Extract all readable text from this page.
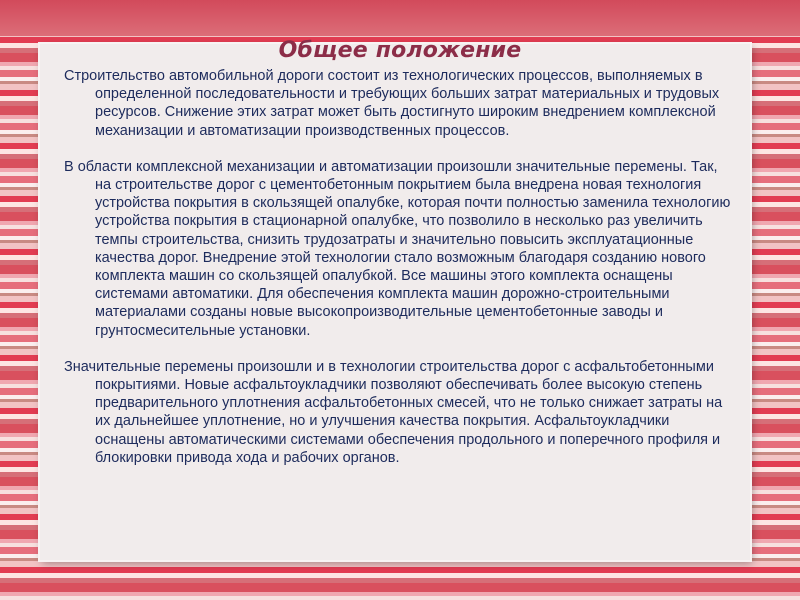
Общее положение

Строительство автомобильной дороги состоит из технологических процессов, выполняемых в определенной последовательности и требующих больших затрат материальных и трудовых ресурсов. Снижение этих затрат может быть достигнуто широким внедрением комплексной механизации и автоматизации производственных процессов.

В области комплексной механизации и автоматизации произошли значительные перемены. Так, на строительстве дорог с цементобетонным покрытием была внедрена новая технология устройства покрытия в скользящей опалубке, которая почти полностью заменила технологию устройства покрытия в стационарной опалубке, что позволило в несколько раз увеличить темпы строительства, снизить трудозатраты и значительно повысить эксплуатационные качества дорог. Внедрение этой технологии стало возможным благодаря созданию нового комплекта машин со скользящей опалубкой. Все машины этого комплекта оснащены системами автоматики. Для обеспечения комплекта машин дорожно-строительными материалами созданы новые высокопроизводительные цементобетонные заводы и грунтосмесительные установки.

Значительные перемены произошли и в технологии строительства дорог с асфальтобетонными покрытиями. Новые асфальтоукладчики позволяют обеспечивать более высокую степень предварительного уплотнения асфальтобетонных смесей, что не только снижает затраты на их дальнейшее уплотнение, но и улучшения качества покрытия. Асфальтоукладчики оснащены автоматическими системами обеспечения продольного и поперечного профиля и блокировки привода хода и рабочих органов.
